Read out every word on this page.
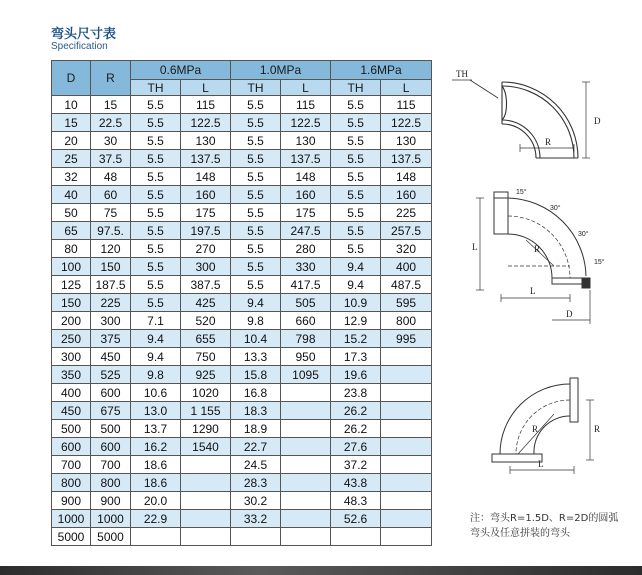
弯头尺寸表
Specification
D	R	0.6MPa		1.0MPa		1.6MPa	
		TH	L	TH	L	TH	L
10	15	5.5	115	5.5	115	5.5	115
15	22.5	5.5	122.5	5.5	122.5	5.5	122.5
20	30	5.5	130	5.5	130	5.5	130
25	37.5	5.5	137.5	5.5	137.5	5.5	137.5
32	48	5.5	148	5.5	148	5.5	148
40	60	5.5	160	5.5	160	5.5	160
50	75	5.5	175	5.5	175	5.5	225
65	97.5.	5.5	197.5	5.5	247.5	5.5	257.5
80	120	5.5	270	5.5	280	5.5	320
100	150	5.5	300	5.5	330	9.4	400
125	187.5	5.5	387.5	5.5	417.5	9.4	487.5
150	225	5.5	425	9.4	505	10.9	595
200	300	7.1	520	9.8	660	12.9	800
250	375	9.4	655	10.4	798	15.2	995
300	450	9.4	750	13.3	950	17.3	
350	525	9.8	925	15.8	1095	19.6	
400	600	10.6	1020	16.8		23.8	
450	675	13.0	1 155	18.3		26.2	
500	500	13.7	1290	18.9		26.2	
600	600	16.2	1540	22.7		27.6	
700	700	18.6		24.5		37.2	
800	800	18.6		28.3		43.8	
900	900	20.0		30.2		48.3	
1000	1000	22.9		33.2		52.6	
5000	5000						
TH
D
R
15°
30°
30°
15°
L	R
L
D
R	R
L
注：弯头R=1.5D、R=2D的圆弧弯头及任意拼装的弯头
